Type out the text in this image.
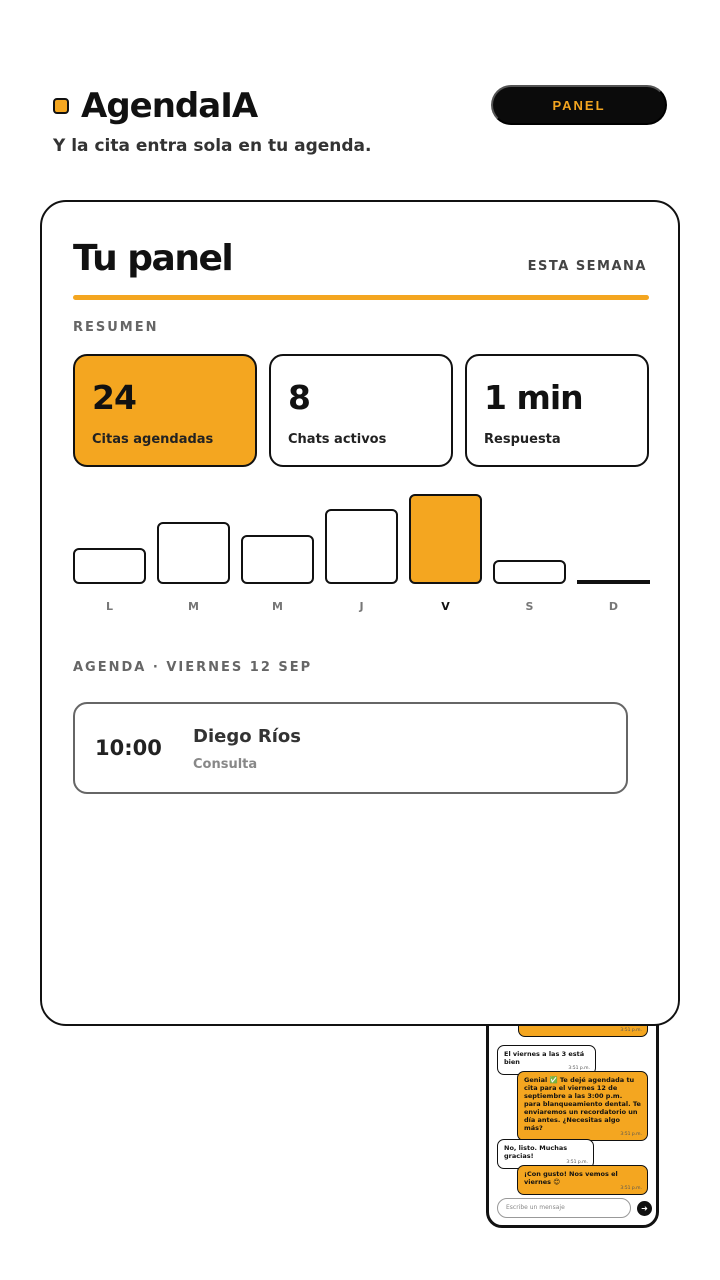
AgendaIA	PANEL
Y la cita entra sola en tu agenda.
3:51 p.m.
El viernes a las 3 está bien
3:51 p.m.
Genial ✅ Te dejé agendada tu cita para el viernes 12 de septiembre a las 3:00 p.m. para blanqueamiento dental. Te enviaremos un recordatorio un día antes. ¿Necesitas algo más?
3:51 p.m.
No, listo. Muchas gracias!
3:51 p.m.
¡Con gusto! Nos vemos el viernes 😊
3:51 p.m.
Escribe un mensaje	➜
Tu panel	ESTA SEMANA
RESUMEN
24
Citas agendadas
8
Chats activos
1 min
Respuesta
L	M	M	J	V	S	D
AGENDA · VIERNES 12 SEP
10:00 Diego Ríos
Consulta
